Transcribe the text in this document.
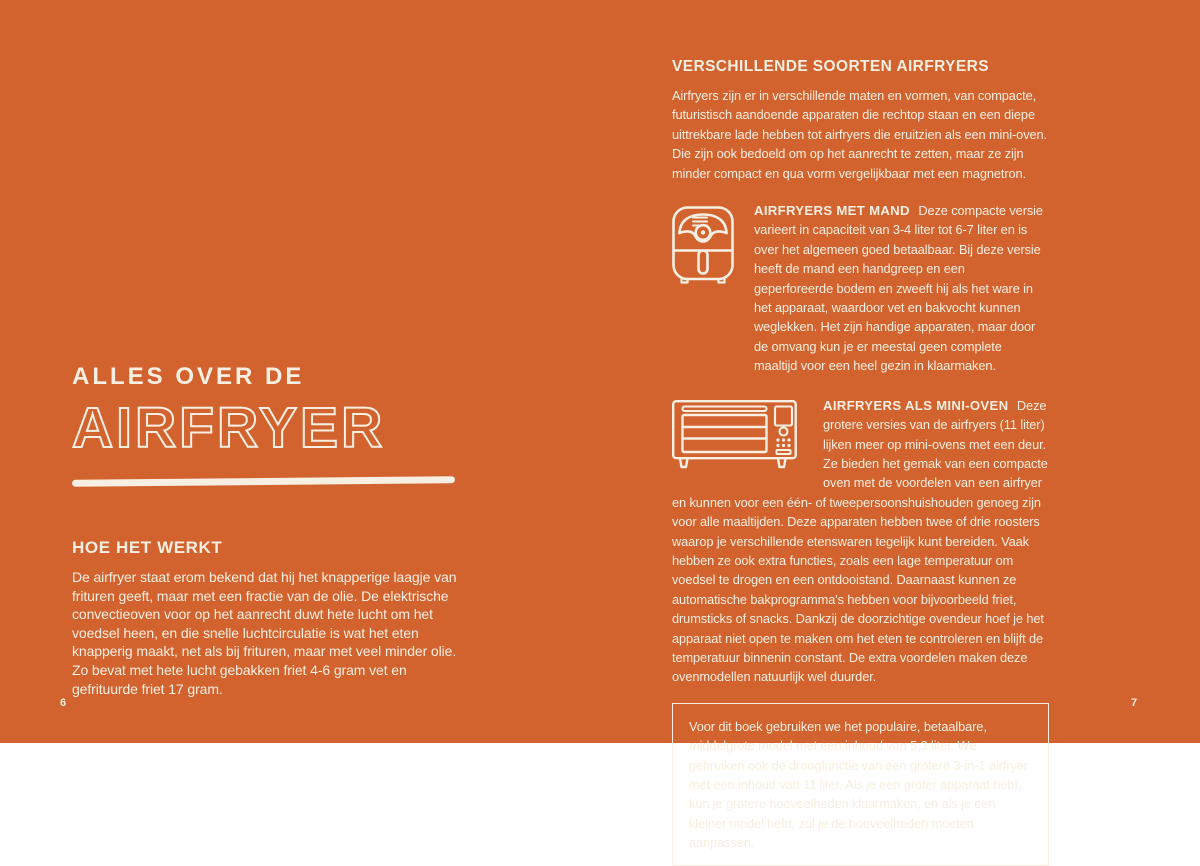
ALLES OVER DE
AIRFRYER
HOE HET WERKT

De airfryer staat erom bekend dat hij het knapperige laagje van frituren geeft, maar met een fractie van de olie. De elektrische convectieoven voor op het aanrecht duwt hete lucht om het voedsel heen, en die snelle luchtcirculatie is wat het eten knapperig maakt, net als bij frituren, maar met veel minder olie. Zo bevat met hete lucht gebakken friet 4-6 gram vet en gefrituurde friet 17 gram.

6
VERSCHILLENDE SOORTEN AIRFRYERS

Airfryers zijn er in verschillende maten en vormen, van compacte, futuristisch aandoende apparaten die rechtop staan en een diepe uittrekbare lade hebben tot airfryers die eruitzien als een mini-oven. Die zijn ook bedoeld om op het aanrecht te zetten, maar ze zijn minder compact en qua vorm vergelijkbaar met een magnetron.

AIRFRYERS MET MAND Deze compacte versie varieert in capaciteit van 3-4 liter tot 6-7 liter en is over het algemeen goed betaalbaar. Bij deze versie heeft de mand een handgreep en een geperforeerde bodem en zweeft hij als het ware in het apparaat, waardoor vet en bakvocht kunnen weglekken. Het zijn handige apparaten, maar door de omvang kun je er meestal geen complete maaltijd voor een heel gezin in klaarmaken.

AIRFRYERS ALS MINI-OVEN Deze grotere versies van de airfryers (11 liter) lijken meer op mini-ovens met een deur. Ze bieden het gemak van een compacte oven met de voordelen van een airfryer en kunnen voor een één- of tweepersoonshuishouden genoeg zijn voor alle maaltijden. Deze apparaten hebben twee of drie roosters waarop je verschillende etenswaren tegelijk kunt bereiden. Vaak hebben ze ook extra functies, zoals een lage temperatuur om voedsel te drogen en een ontdooistand. Daarnaast kunnen ze automatische bakprogramma's hebben voor bijvoorbeeld friet, drumsticks of snacks. Dankzij de doorzichtige ovendeur hoef je het apparaat niet open te maken om het eten te controleren en blijft de temperatuur binnenin constant. De extra voordelen maken deze ovenmodellen natuurlijk wel duurder.

Voor dit boek gebruiken we het populaire, betaalbare, middelgrote model met een inhoud van 5,3 liter. We gebruiken ook de droogfunctie van een grotere 3-in-1 airfryer met een inhoud van 11 liter. Als je een groter apparaat hebt, kun je grotere hoeveelheden klaarmaken, en als je een kleiner model hebt, zul je de hoeveelheden moeten aanpassen.

7
